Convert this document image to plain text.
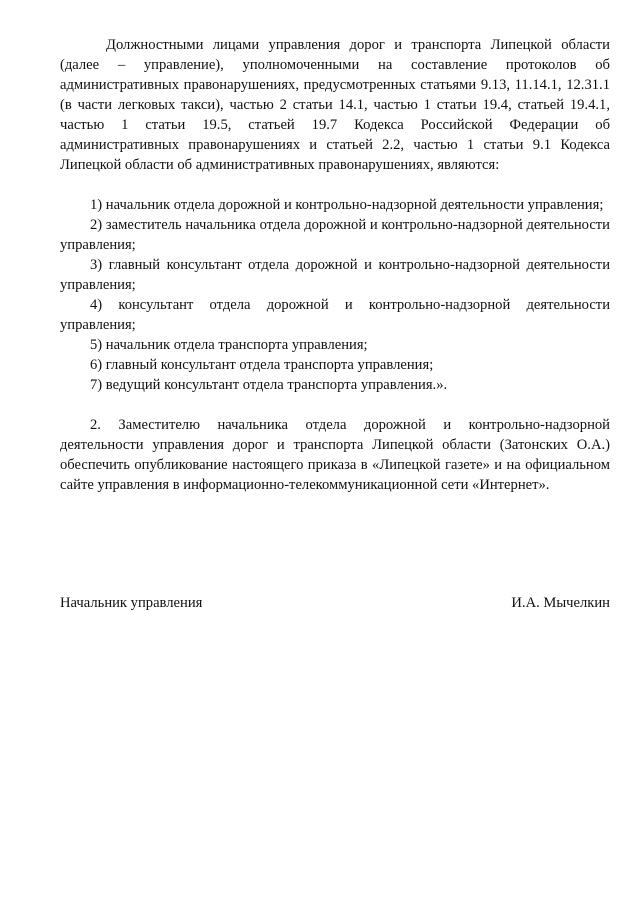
Должностными лицами управления дорог и транспорта Липецкой области (далее – управление), уполномоченными на составление протоколов об административных правонарушениях, предусмотренных статьями 9.13, 11.14.1, 12.31.1 (в части легковых такси), частью 2 статьи 14.1, частью 1 статьи 19.4, статьей 19.4.1, частью 1 статьи 19.5, статьей 19.7 Кодекса Российской Федерации об административных правонарушениях и статьей 2.2, частью 1 статьи 9.1 Кодекса Липецкой области об административных правонарушениях, являются:

1) начальник отдела дорожной и контрольно-надзорной деятельности управления;

2) заместитель начальника отдела дорожной и контрольно-надзорной деятельности управления;

3) главный консультант отдела дорожной и контрольно-надзорной деятельности управления;

4) консультант отдела дорожной и контрольно-надзорной деятельности управления;

5) начальник отдела транспорта управления;

6) главный консультант отдела транспорта управления;

7) ведущий консультант отдела транспорта управления.».

2. Заместителю начальника отдела дорожной и контрольно-надзорной деятельности управления дорог и транспорта Липецкой области (Затонских О.А.) обеспечить опубликование настоящего приказа в «Липецкой газете» и на официальном сайте управления в информационно-телекоммуникационной сети «Интернет».

Начальник управления	И.А. Мычелкин
